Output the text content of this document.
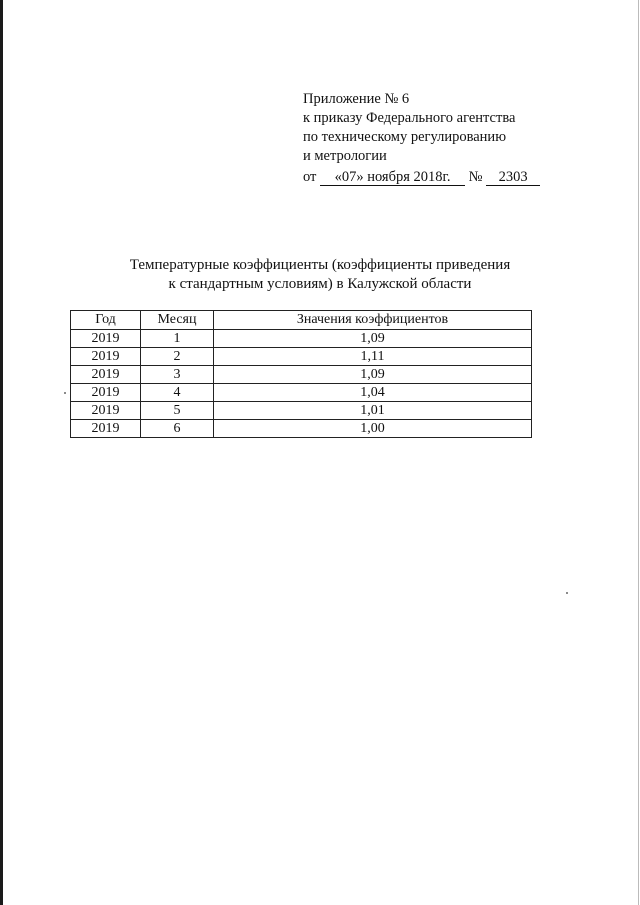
Приложение № 6
к приказу Федерального агентства
по техническому регулированию
и метрологии
от «07» ноября 2018г. № 2303
Температурные коэффициенты (коэффициенты приведения
к стандартным условиям) в Калужской области
Год	Месяц	Значения коэффициентов
2019	1	1,09
2019	2	1,11
2019	3	1,09
2019	4	1,04
2019	5	1,01
2019	6	1,00
